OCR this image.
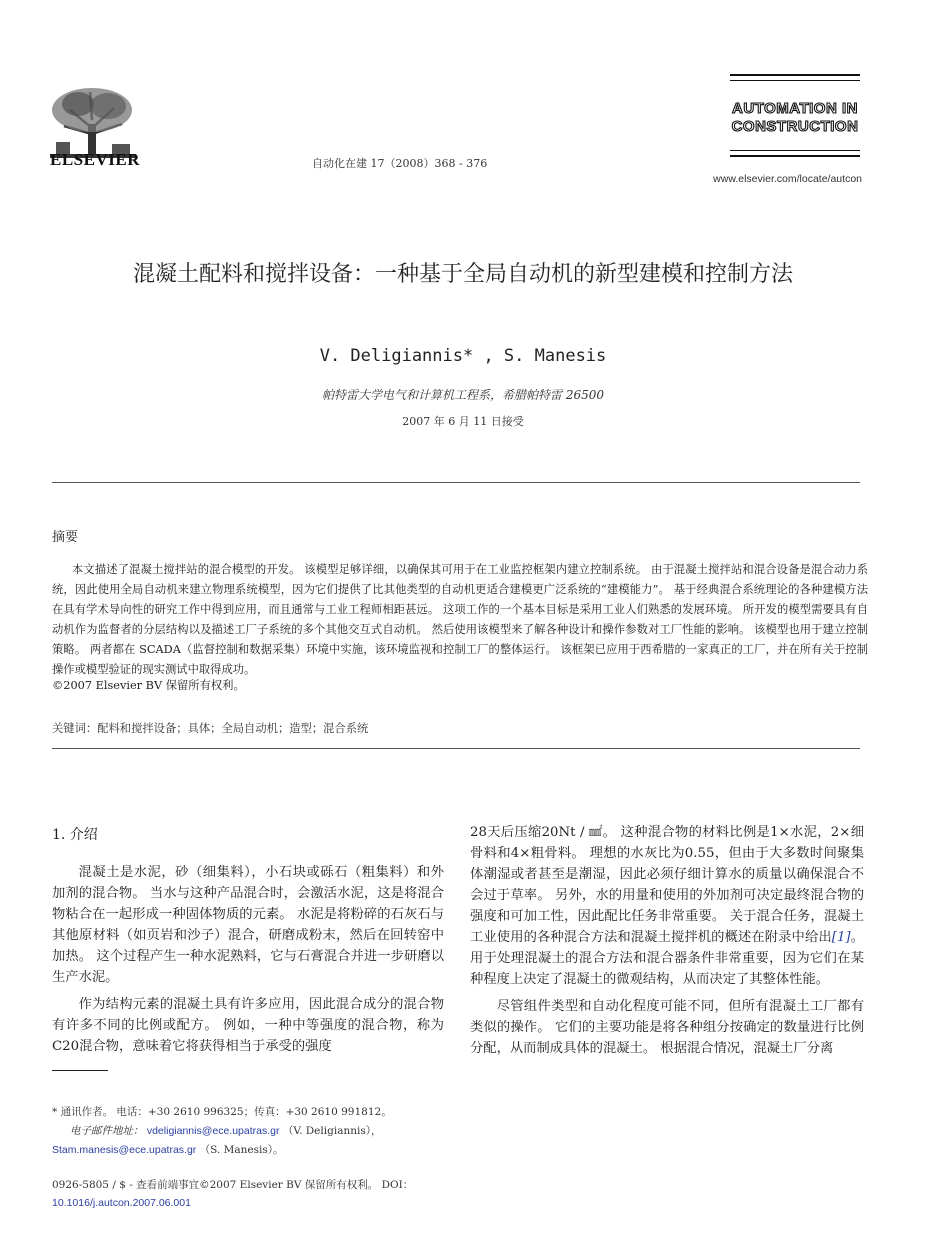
ELSEVIER	自动化在建 17（2008）368 - 376
AUTOMATION IN CONSTRUCTION
www.elsevier.com/locate/autcon
混凝土配料和搅拌设备：一种基于全局自动机的新型建模和控制方法
V. Deligiannis* , S. Manesis
帕特雷大学电气和计算机工程系，希腊帕特雷 26500
2007 年 6 月 11 日接受
摘要
本文描述了混凝土搅拌站的混合模型的开发。 该模型足够详细，以确保其可用于在工业监控框架内建立控制系统。 由于混凝土搅拌站和混合设备是混合动力系统，因此使用全局自动机来建立物理系统模型，因为它们提供了比其他类型的自动机更适合建模更广泛系统的“建模能力”。 基于经典混合系统理论的各种建模方法在具有学术导向性的研究工作中得到应用，而且通常与工业工程师相距甚远。 这项工作的一个基本目标是采用工业人们熟悉的发展环境。 所开发的模型需要具有自动机作为监督者的分层结构以及描述工厂子系统的多个其他交互式自动机。 然后使用该模型来了解各种设计和操作参数对工厂性能的影响。 该模型也用于建立控制策略。 两者都在 SCADA（监督控制和数据采集）环境中实施，该环境监视和控制工厂的整体运行。 该框架已应用于西希腊的一家真正的工厂，并在所有关于控制操作或模型验证的现实测试中取得成功。
©2007 Elsevier BV 保留所有权利。
关键词：配料和搅拌设备；具体；全局自动机；造型；混合系统
1. 介绍

混凝土是水泥，砂（细集料），小石块或砾石（粗集料）和外加剂的混合物。 当水与这种产品混合时，会激活水泥，这是将混合物粘合在一起形成一种固体物质的元素。 水泥是将粉碎的石灰石与其他原材料（如页岩和沙子）混合，研磨成粉末，然后在回转窑中加热。 这个过程产生一种水泥熟料，它与石膏混合并进一步研磨以生产水泥。

作为结构元素的混凝土具有许多应用，因此混合成分的混合物有许多不同的比例或配方。 例如，一种中等强度的混合物，称为C20混合物，意味着它将获得相当于承受的强度

28天后压缩20Nt / ㎟。 这种混合物的材料比例是1×水泥，2×细骨料和4×粗骨料。 理想的水灰比为0.55，但由于大多数时间聚集体潮湿或者甚至是潮湿，因此必须仔细计算水的质量以确保混合不会过于草率。 另外，水的用量和使用的外加剂可决定最终混合物的强度和可加工性，因此配比任务非常重要。 关于混合任务，混凝土工业使用的各种混合方法和混凝土搅拌机的概述在附录中给出[1]。 用于处理混凝土的混合方法和混合器条件非常重要，因为它们在某种程度上决定了混凝土的微观结构，从而决定了其整体性能。

尽管组件类型和自动化程度可能不同，但所有混凝土工厂都有类似的操作。 它们的主要功能是将各种组分按确定的数量进行比例分配，从而制成具体的混凝土。 根据混合情况，混凝土厂分离

* 通讯作者。 电话：+30 2610 996325；传真：+30 2610 991812。
电子邮件地址： vdeligiannis@ece.upatras.gr （V. Deligiannis），
Stam.manesis@ece.upatras.gr （S. Manesis）。
0926-5805 / $ - 查看前端事宜©2007 Elsevier BV 保留所有权利。 DOI：
10.1016/j.autcon.2007.06.001
